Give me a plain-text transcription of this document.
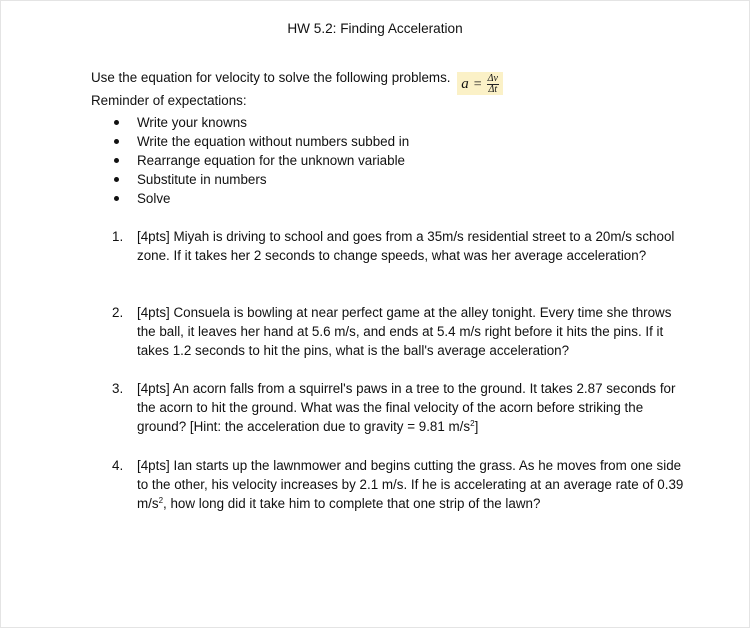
HW 5.2: Finding Acceleration
Use the equation for velocity to solve the following problems. $a = \frac{\Delta v}{\Delta t}$
Reminder of expectations:
Write your knowns
Write the equation without numbers subbed in
Rearrange equation for the unknown variable
Substitute in numbers
Solve
1. [4pts] Miyah is driving to school and goes from a 35m/s residential street to a 20m/s school zone. If it takes her 2 seconds to change speeds, what was her average acceleration?
2. [4pts] Consuela is bowling at near perfect game at the alley tonight. Every time she throws the ball, it leaves her hand at 5.6 m/s, and ends at 5.4 m/s right before it hits the pins. If it takes 1.2 seconds to hit the pins, what is the ball's average acceleration?
3. [4pts] An acorn falls from a squirrel's paws in a tree to the ground. It takes 2.87 seconds for the acorn to hit the ground. What was the final velocity of the acorn before striking the ground? [Hint: the acceleration due to gravity = 9.81 $m/s^2$]
4. [4pts] Ian starts up the lawnmower and begins cutting the grass. As he moves from one side to the other, his velocity increases by 2.1 m/s. If he is accelerating at an average rate of 0.39 $m/s^2$, how long did it take him to complete that one strip of the lawn?
